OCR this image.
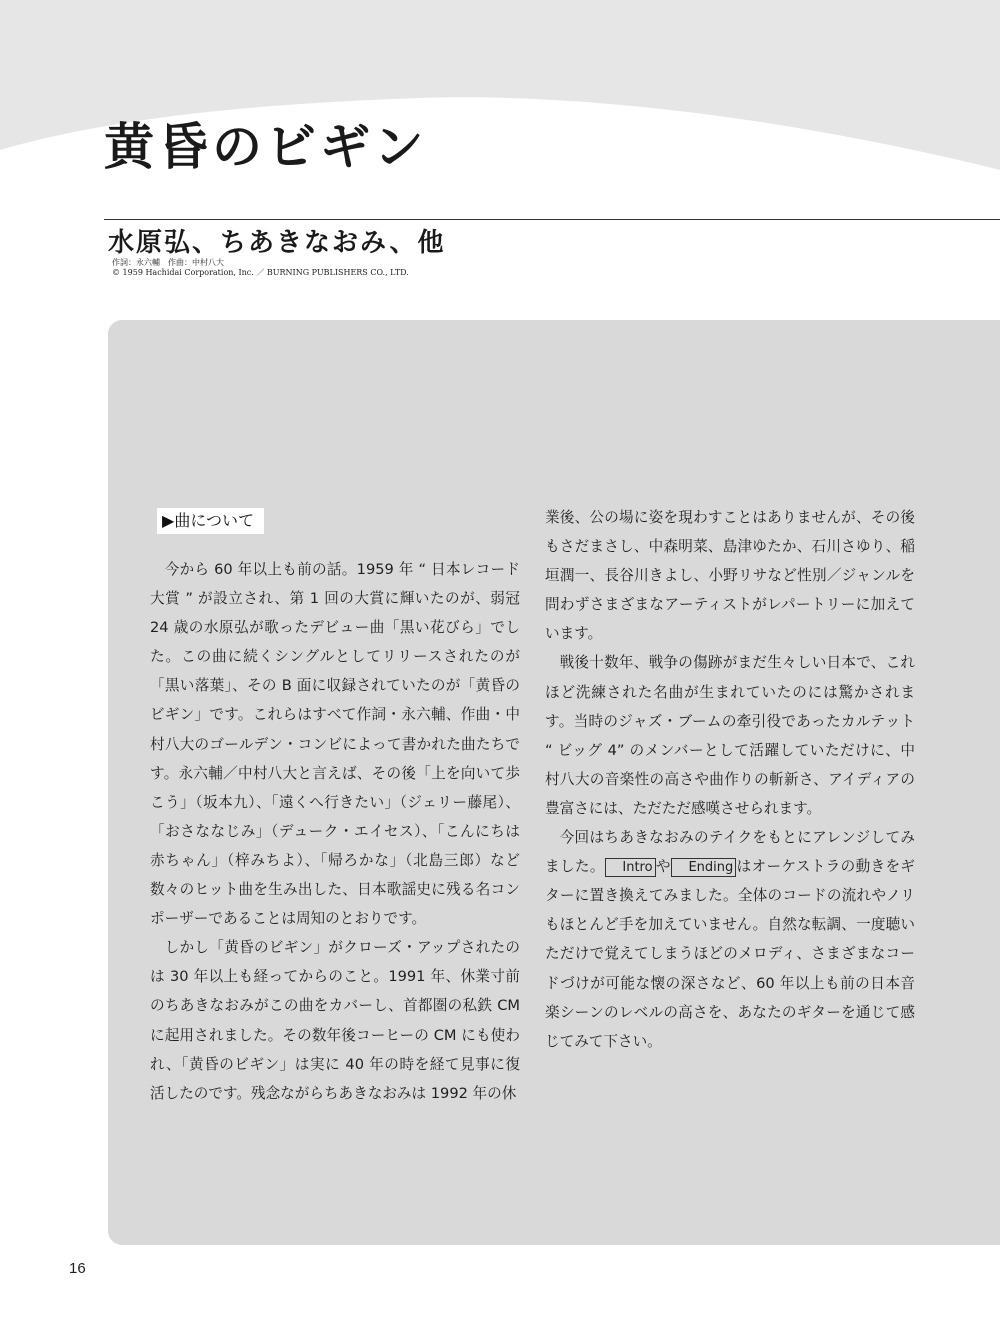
黄昏のビギン
水原弘、ちあきなおみ、他
作詞：永六輔　作曲：中村八大
© 1959 Hachidai Corporation, Inc. ／ BURNING PUBLISHERS CO., LTD.
▶曲について

今から 60 年以上も前の話。1959 年 “ 日本レコード大賞 ” が設立され、第 1 回の大賞に輝いたのが、弱冠 24 歳の水原弘が歌ったデビュー曲「黒い花びら」でした。この曲に続くシングルとしてリリースされたのが「黒い落葉」、その B 面に収録されていたのが「黄昏のビギン」です。これらはすべて作詞・永六輔、作曲・中村八大のゴールデン・コンビによって書かれた曲たちです。永六輔／中村八大と言えば、その後「上を向いて歩こう」（坂本九）、「遠くへ行きたい」（ジェリー藤尾）、「おさななじみ」（デューク・エイセス）、「こんにちは赤ちゃん」（梓みちよ）、「帰ろかな」（北島三郎）など数々のヒット曲を生み出した、日本歌謡史に残る名コンポーザーであることは周知のとおりです。

しかし「黄昏のビギン」がクローズ・アップされたのは 30 年以上も経ってからのこと。1991 年、休業寸前のちあきなおみがこの曲をカバーし、首都圏の私鉄 CM に起用されました。その数年後コーヒーの CM にも使われ、「黄昏のビギン」は実に 40 年の時を経て見事に復活したのです。残念ながらちあきなおみは 1992 年の休

業後、公の場に姿を現わすことはありませんが、その後もさだまさし、中森明菜、島津ゆたか、石川さゆり、稲垣潤一、長谷川きよし、小野リサなど性別／ジャンルを問わずさまざまなアーティストがレパートリーに加えています。

戦後十数年、戦争の傷跡がまだ生々しい日本で、これほど洗練された名曲が生まれていたのには驚かされます。当時のジャズ・ブームの牽引役であったカルテット “ ビッグ 4” のメンバーとして活躍していただけに、中村八大の音楽性の高さや曲作りの斬新さ、アイディアの豊富さには、ただただ感嘆させられます。

今回はちあきなおみのテイクをもとにアレンジしてみました。 Intro や Ending はオーケストラの動きをギターに置き換えてみました。全体のコードの流れやノリもほとんど手を加えていません。自然な転調、一度聴いただけで覚えてしまうほどのメロディ、さまざまなコードづけが可能な懐の深さなど、60 年以上も前の日本音楽シーンのレベルの高さを、あなたのギターを通じて感じてみて下さい。

16
